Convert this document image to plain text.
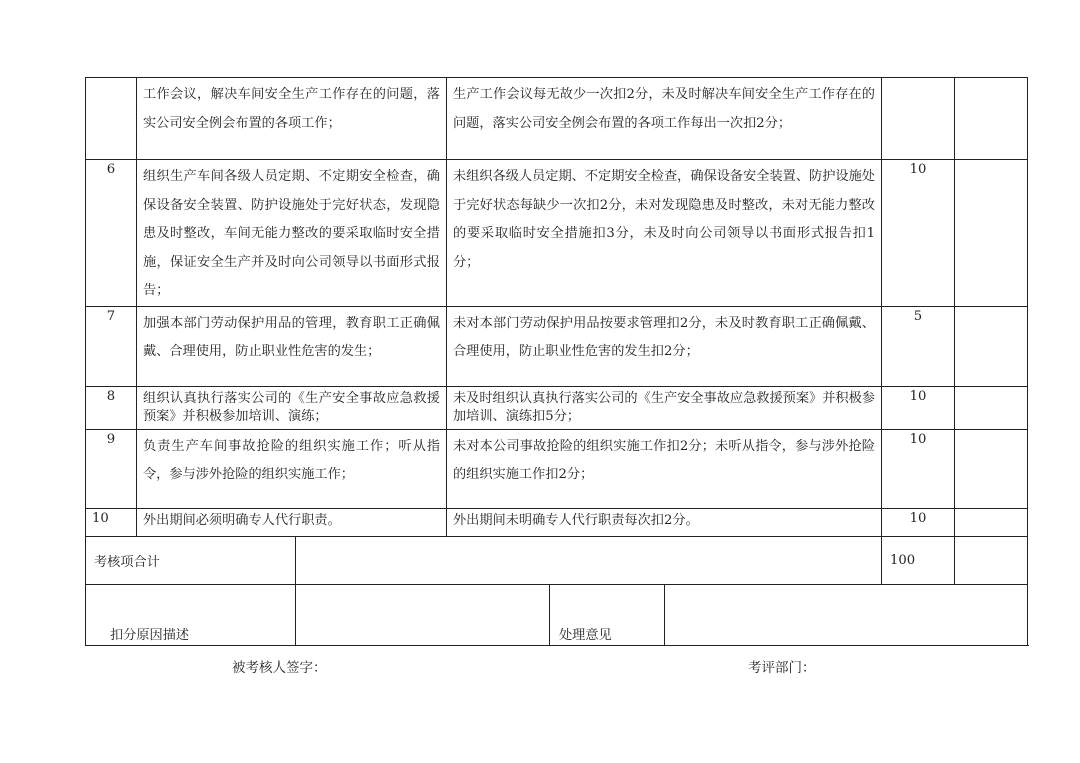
	工作会议，解决车间安全生产工作存在的问题，落实公司安全例会布置的各项工作；		生产工作会议每无故少一次扣2分，未及时解决车间安全生产工作存在的问题，落实公司安全例会布置的各项工作每出一次扣2分；					
6	组织生产车间各级人员定期、不定期安全检查，确保设备安全装置、防护设施处于完好状态，发现隐患及时整改，车间无能力整改的要采取临时安全措施，保证安全生产并及时向公司领导以书面形式报告；		未组织各级人员定期、不定期安全检查，确保设备安全装置、防护设施处于完好状态每缺少一次扣2分，未对发现隐患及时整改，未对无能力整改的要采取临时安全措施扣3分，未及时向公司领导以书面形式报告扣1分；			10		
7	加强本部门劳动保护用品的管理，教育职工正确佩戴、合理使用，防止职业性危害的发生；		未对本部门劳动保护用品按要求管理扣2分，未及时教育职工正确佩戴、合理使用，防止职业性危害的发生扣2分；			5		
8	组织认真执行落实公司的《生产安全事故应急救援预案》并积极参加培训、演练；		未及时组织认真执行落实公司的《生产安全事故应急救援预案》并积极参加培训、演练扣5分；			10		
9	负责生产车间事故抢险的组织实施工作；听从指令，参与涉外抢险的组织实施工作；		未对本公司事故抢险的组织实施工作扣2分；未听从指令，参与涉外抢险的组织实施工作扣2分；			10		
10	外出期间必须明确专人代行职责。		外出期间未明确专人代行职责每次扣2分。			10		
考核项合计						100		
扣分原因描述				处理意见				
被考核人签字：	考评部门：
